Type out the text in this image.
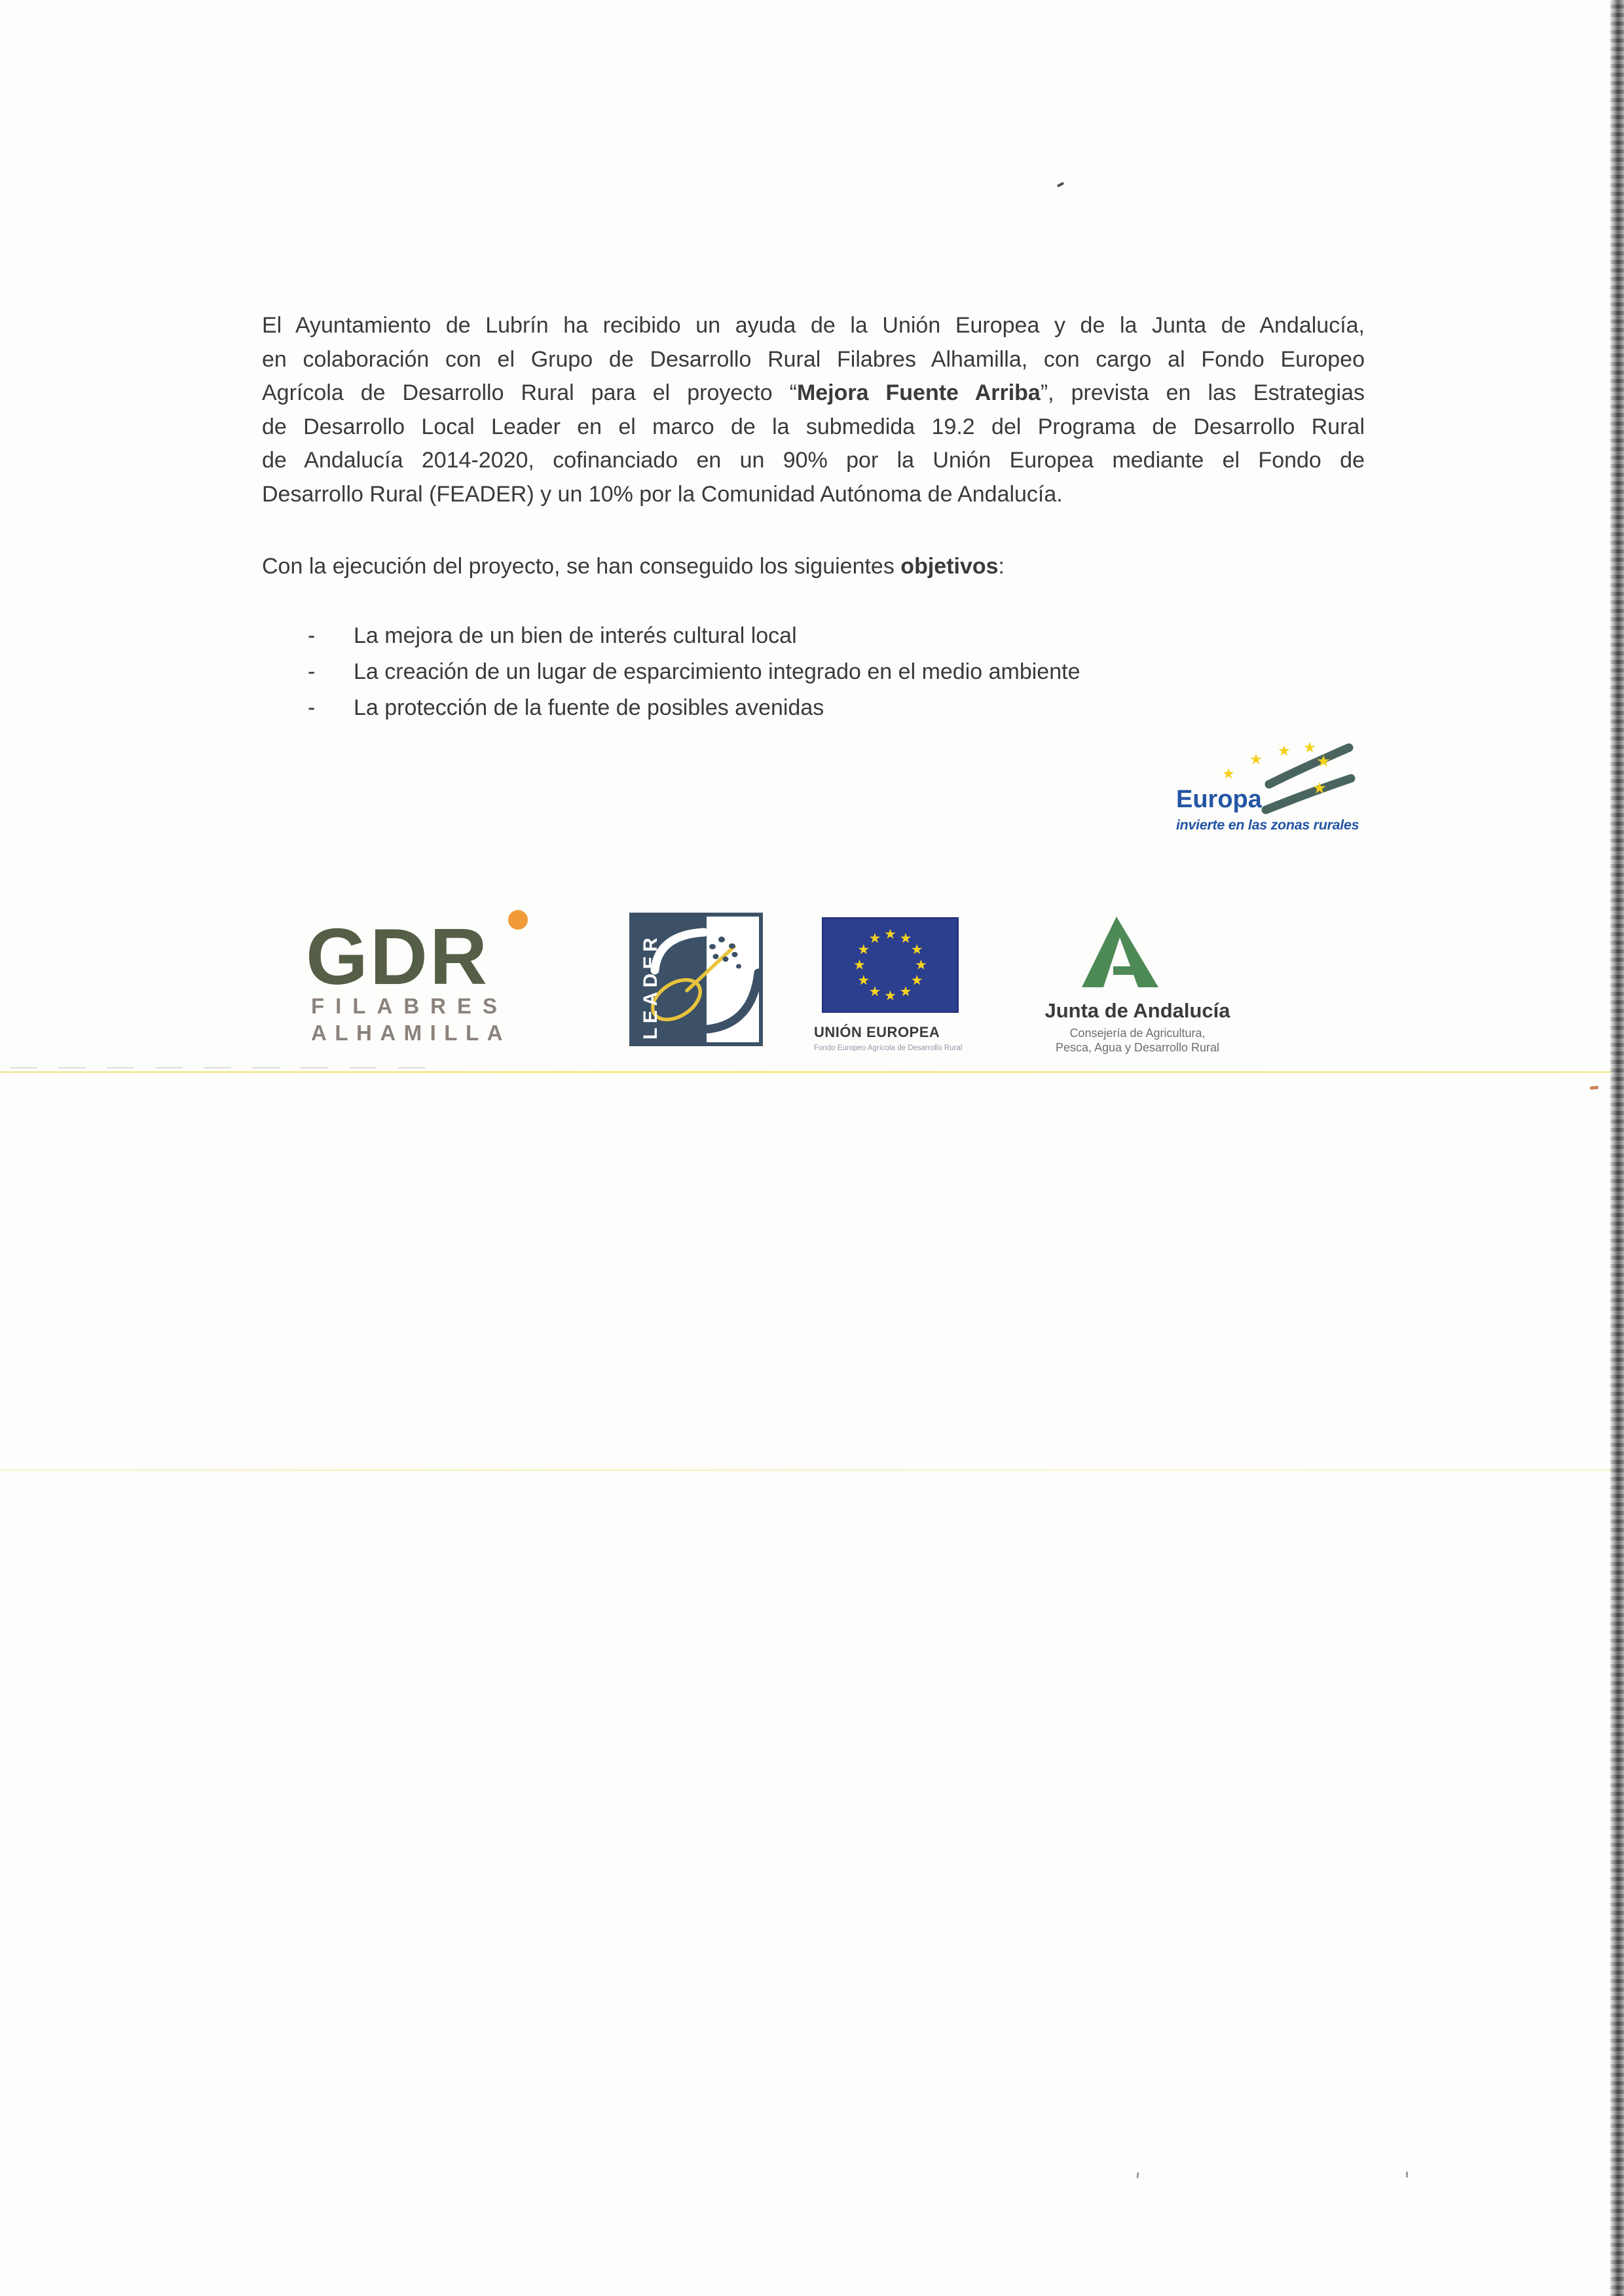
El Ayuntamiento de Lubrín ha recibido un ayuda de la Unión Europea y de la Junta de Andalucía,
en colaboración con el Grupo de Desarrollo Rural Filabres Alhamilla, con cargo al Fondo Europeo
Agrícola de Desarrollo Rural para el proyecto “Mejora Fuente Arriba”, prevista en las Estrategias
de Desarrollo Local Leader en el marco de la submedida 19.2 del Programa de Desarrollo Rural
de Andalucía 2014-2020, cofinanciado en un 90% por la Unión Europea mediante el Fondo de
Desarrollo Rural (FEADER) y un 10% por la Comunidad Autónoma de Andalucía.
Con la ejecución del proyecto, se han conseguido los siguientes objetivos:
- La mejora de un bien de interés cultural local
- La creación de un lugar de esparcimiento integrado en el medio ambiente
- La protección de la fuente de posibles avenidas
Europa
invierte en las zonas rurales
GDR
FILABRES
ALHAMILLA	LEADER	UNIÓN EUROPEA
Fondo Europeo Agrícola de Desarrollo Rural
Junta de Andalucía
Consejería de Agricultura,
Pesca, Agua y Desarrollo Rural
